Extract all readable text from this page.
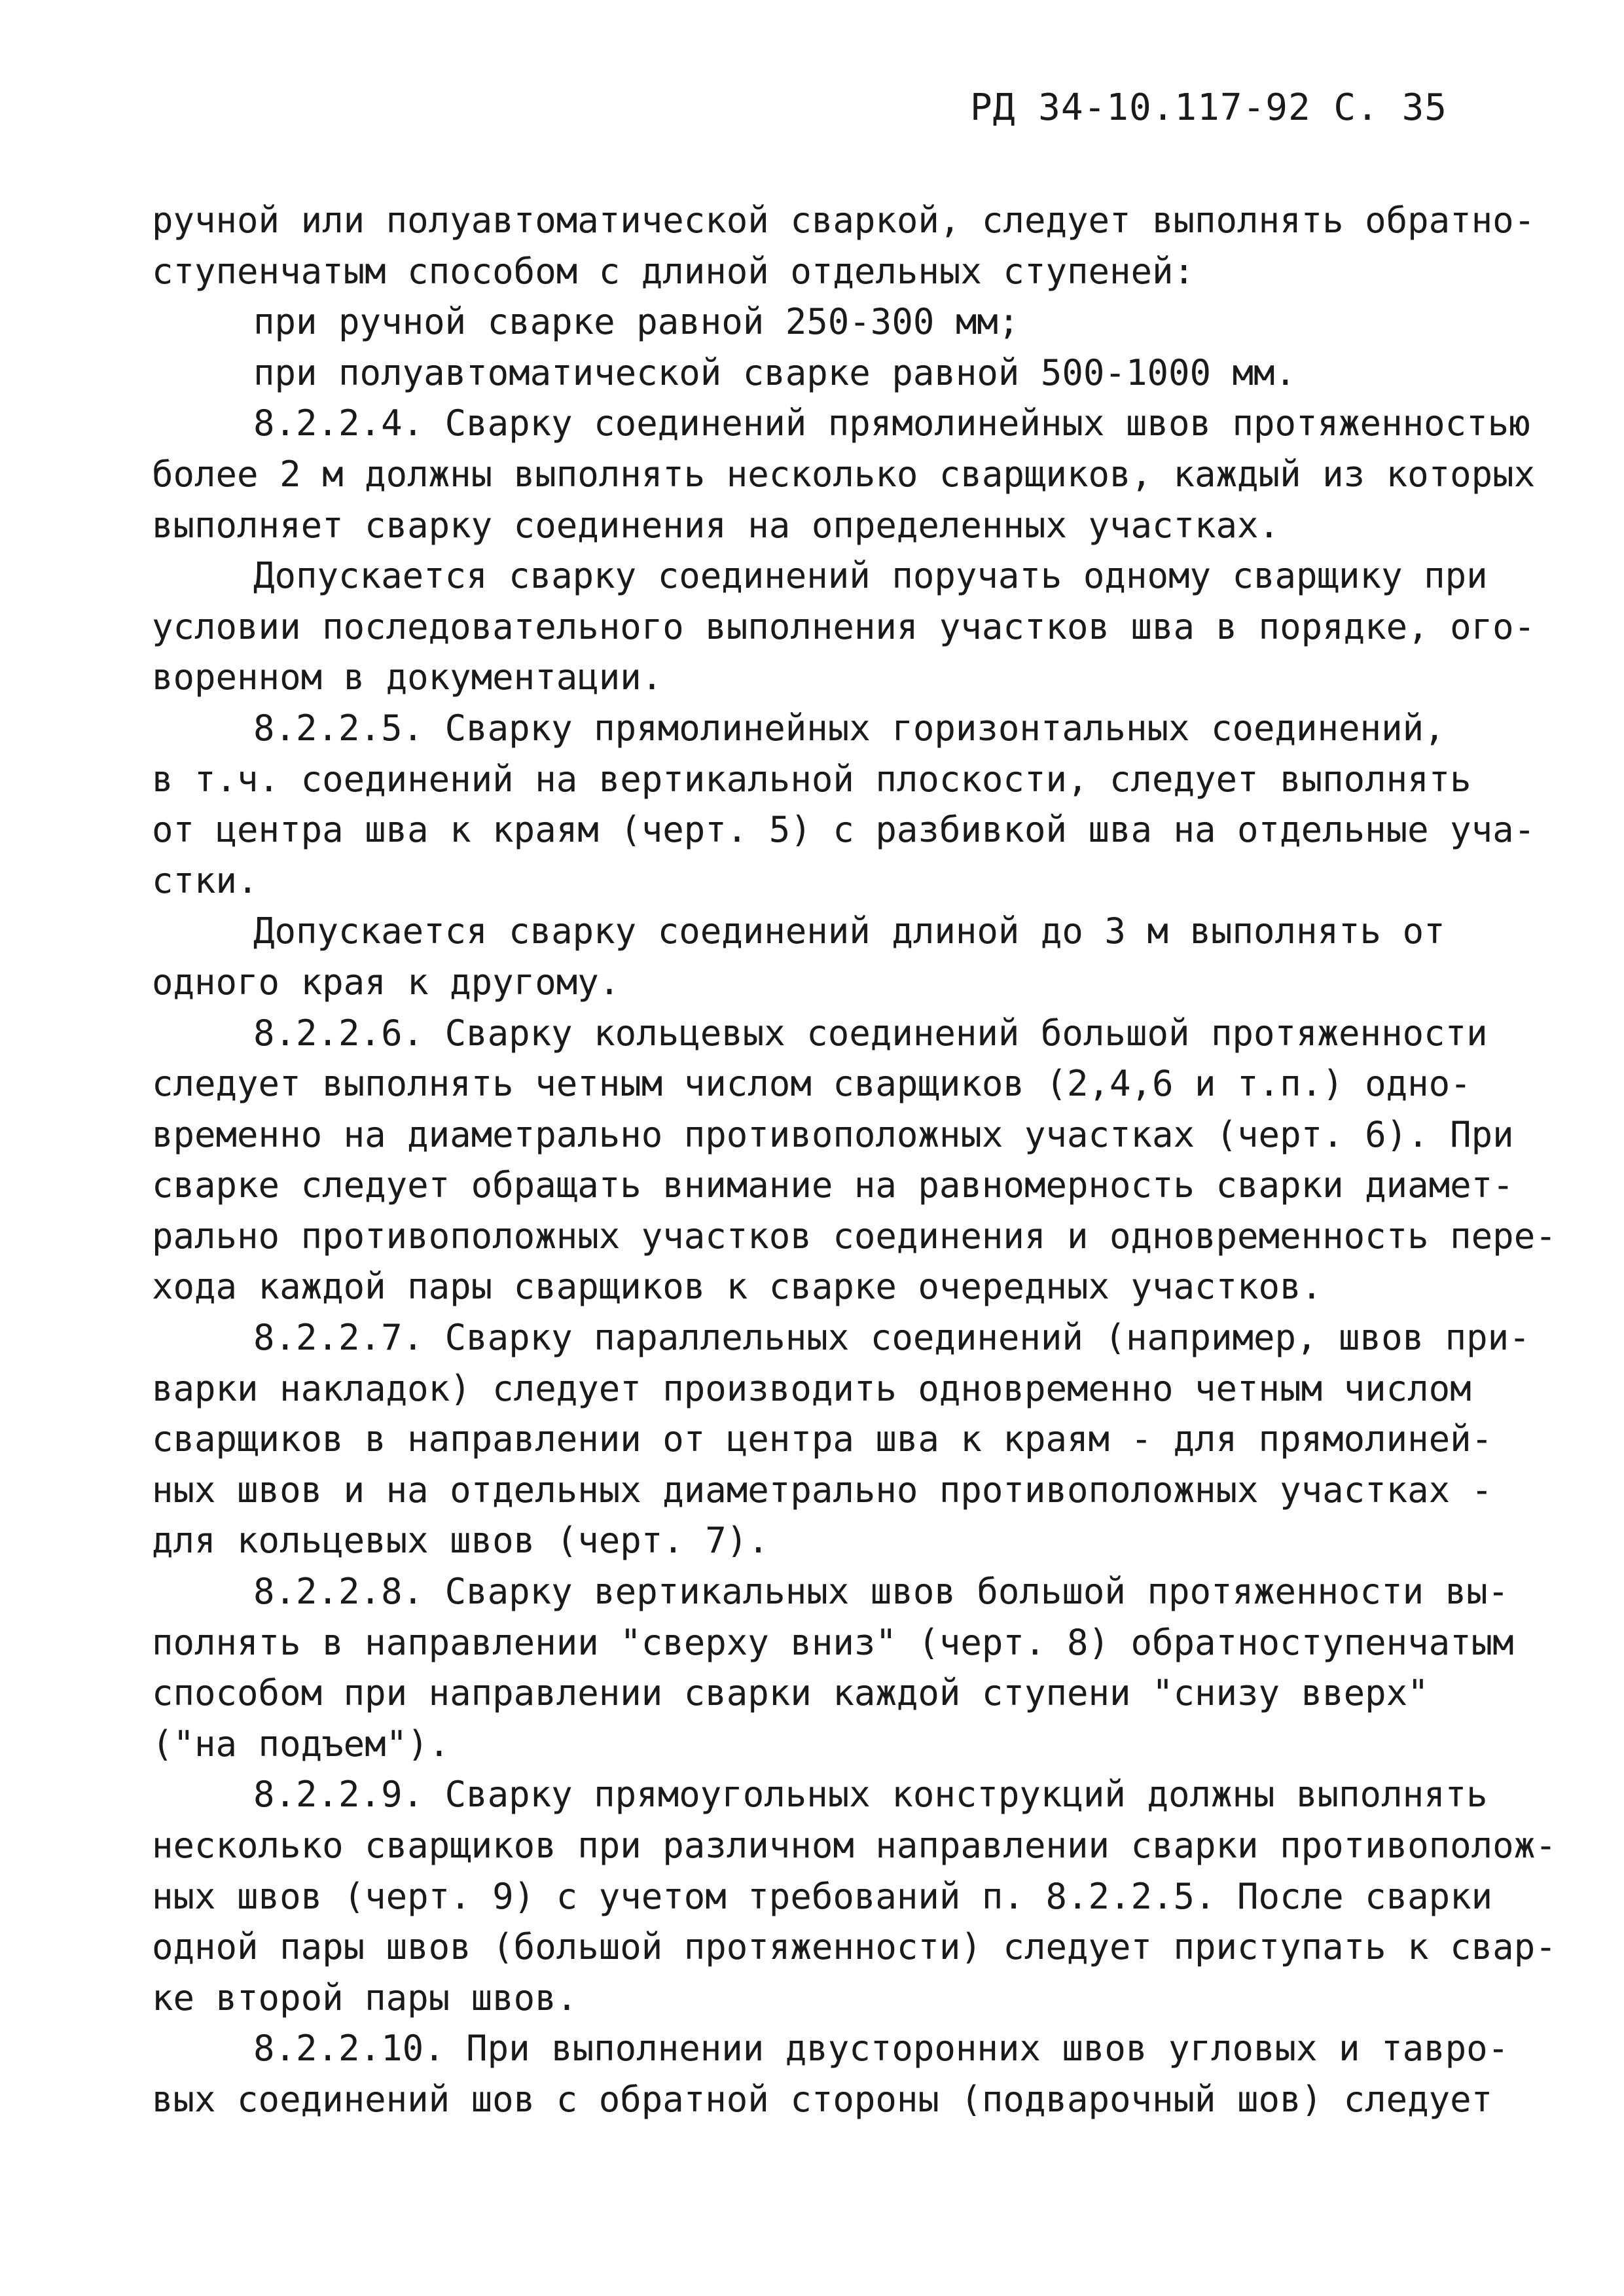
РД 34-10.117-92 С. 35
ручной или полуавтоматической сваркой, следует выполнять обратно-
ступенчатым способом с длиной отдельных ступеней:
при ручной сварке равной 250-300 мм;
при полуавтоматической сварке равной 500-1000 мм.
8.2.2.4. Сварку соединений прямолинейных швов протяженностью
более 2 м должны выполнять несколько сварщиков, каждый из которых
выполняет сварку соединения на определенных участках.
Допускается сварку соединений поручать одному сварщику при
условии последовательного выполнения участков шва в порядке, ого-
воренном в документации.
8.2.2.5. Сварку прямолинейных горизонтальных соединений,
в т.ч. соединений на вертикальной плоскости, следует выполнять
от центра шва к краям (черт. 5) с разбивкой шва на отдельные уча-
стки.
Допускается сварку соединений длиной до 3 м выполнять от
одного края к другому.
8.2.2.6. Сварку кольцевых соединений большой протяженности
следует выполнять четным числом сварщиков (2,4,6 и т.п.) одно-
временно на диаметрально противоположных участках (черт. 6). При
сварке следует обращать внимание на равномерность сварки диамет-
рально противоположных участков соединения и одновременность пере-
хода каждой пары сварщиков к сварке очередных участков.
8.2.2.7. Сварку параллельных соединений (например, швов при-
варки накладок) следует производить одновременно четным числом
сварщиков в направлении от центра шва к краям - для прямолиней-
ных швов и на отдельных диаметрально противоположных участках -
для кольцевых швов (черт. 7).
8.2.2.8. Сварку вертикальных швов большой протяженности вы-
полнять в направлении "сверху вниз" (черт. 8) обратноступенчатым
способом при направлении сварки каждой ступени "снизу вверх"
("на подъем").
8.2.2.9. Сварку прямоугольных конструкций должны выполнять
несколько сварщиков при различном направлении сварки противополож-
ных швов (черт. 9) с учетом требований п. 8.2.2.5. После сварки
одной пары швов (большой протяженности) следует приступать к свар-
ке второй пары швов.
8.2.2.10. При выполнении двусторонних швов угловых и тавро-
вых соединений шов с обратной стороны (подварочный шов) следует
